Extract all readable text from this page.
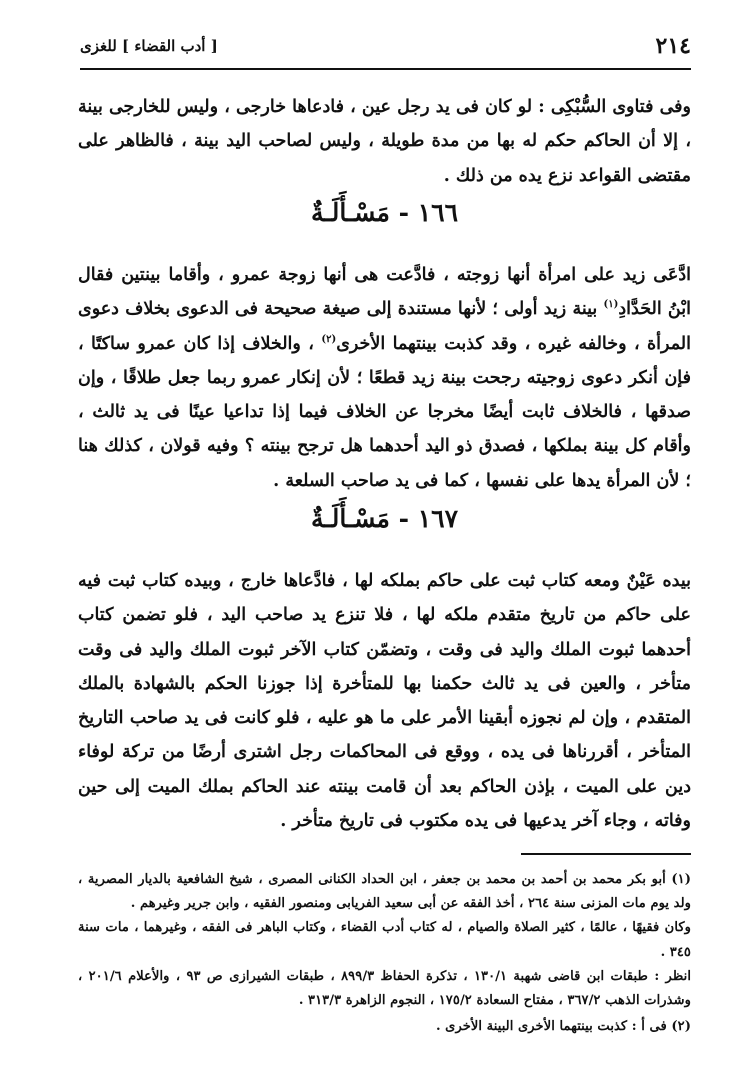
٢١٤
[ أدب القضاء ] للغزى
وفى فتاوى السُّبْكِى : لو كان فى يد رجل عين ، فادعاها خارجى ، وليس للخارجى بينة ، إلا أن الحاكم حكم له بها من مدة طويلة ، وليس لصاحب اليد بينة ، فالظاهر على مقتضى القواعد نزع يده من ذلك .
١٦٦ - مَسْـأَلَـةٌ
ادَّعَى زيد على امرأة أنها زوجته ، فادَّعت هى أنها زوجة عمرو ، وأقاما بينتين فقال ابْنُ الحَدَّادِ$^{(١)}$ بينة زيد أولى ؛ لأنها مستندة إلى صيغة صحيحة فى الدعوى بخلاف دعوى المرأة ، وخالفه غيره ، وقد كذبت بينتهما الأخرى$^{(٢)}$ ، والخلاف إذا كان عمرو ساكتًا ، فإن أنكر دعوى زوجيته رجحت بينة زيد قطعًا ؛ لأن إنكار عمرو ربما جعل طلاقًا ، وإن صدقها ، فالخلاف ثابت أيضًا مخرجا عن الخلاف فيما إذا تداعيا عينًا فى يد ثالث ، وأقام كل بينة بملكها ، فصدق ذو اليد أحدهما هل ترجح بينته ؟ وفيه قولان ، كذلك هنا ؛ لأن المرأة يدها على نفسها ، كما فى يد صاحب السلعة .
١٦٧ - مَسْـأَلَـةٌ
بيده عَيْنٌ ومعه كتاب ثبت على حاكم بملكه لها ، فادَّعاها خارج ، وبيده كتاب ثبت فيه على حاكم من تاريخ متقدم ملكه لها ، فلا تنزع يد صاحب اليد ، فلو تضمن كتاب أحدهما ثبوت الملك واليد فى وقت ، وتضمّن كتاب الآخر ثبوت الملك واليد فى وقت متأخر ، والعين فى يد ثالث حكمنا بها للمتأخرة إذا جوزنا الحكم بالشهادة بالملك المتقدم ، وإن لم نجوزه أبقينا الأمر على ما هو عليه ، فلو كانت فى يد صاحب التاريخ المتأخر ، أقررناها فى يده ، ووقع فى المحاكمات رجل اشترى أرضًا من تركة لوفاء دين على الميت ، بإذن الحاكم بعد أن قامت بينته عند الحاكم بملك الميت إلى حين وفاته ، وجاء آخر يدعيها فى يده مكتوب فى تاريخ متأخر .

(١) أبو بكر محمد بن أحمد بن محمد بن جعفر ، ابن الحداد الكنانى المصرى ، شيخ الشافعية بالديار المصرية ، ولد يوم مات المزنى سنة ٢٦٤ ، أخذ الفقه عن أبى سعيد الفريابى ومنصور الفقيه ، وابن جرير وغيرهم .

وكان فقيهًا ، عالمًا ، كثير الصلاة والصيام ، له كتاب أدب القضاء ، وكتاب الباهر فى الفقه ، وغيرهما ، مات سنة ٣٤٥ .

انظر : طبقات ابن قاضى شهبة ١٣٠/١ ، تذكرة الحفاظ ٨٩٩/٣ ، طبقات الشيرازى ص ٩٣ ، والأعلام ٢٠١/٦ ، وشذرات الذهب ٣٦٧/٢ ، مفتاح السعادة ١٧٥/٢ ، النجوم الزاهرة ٣١٣/٣ .

(٢) فى أ : كذبت بينتهما الأخرى البينة الأخرى .
